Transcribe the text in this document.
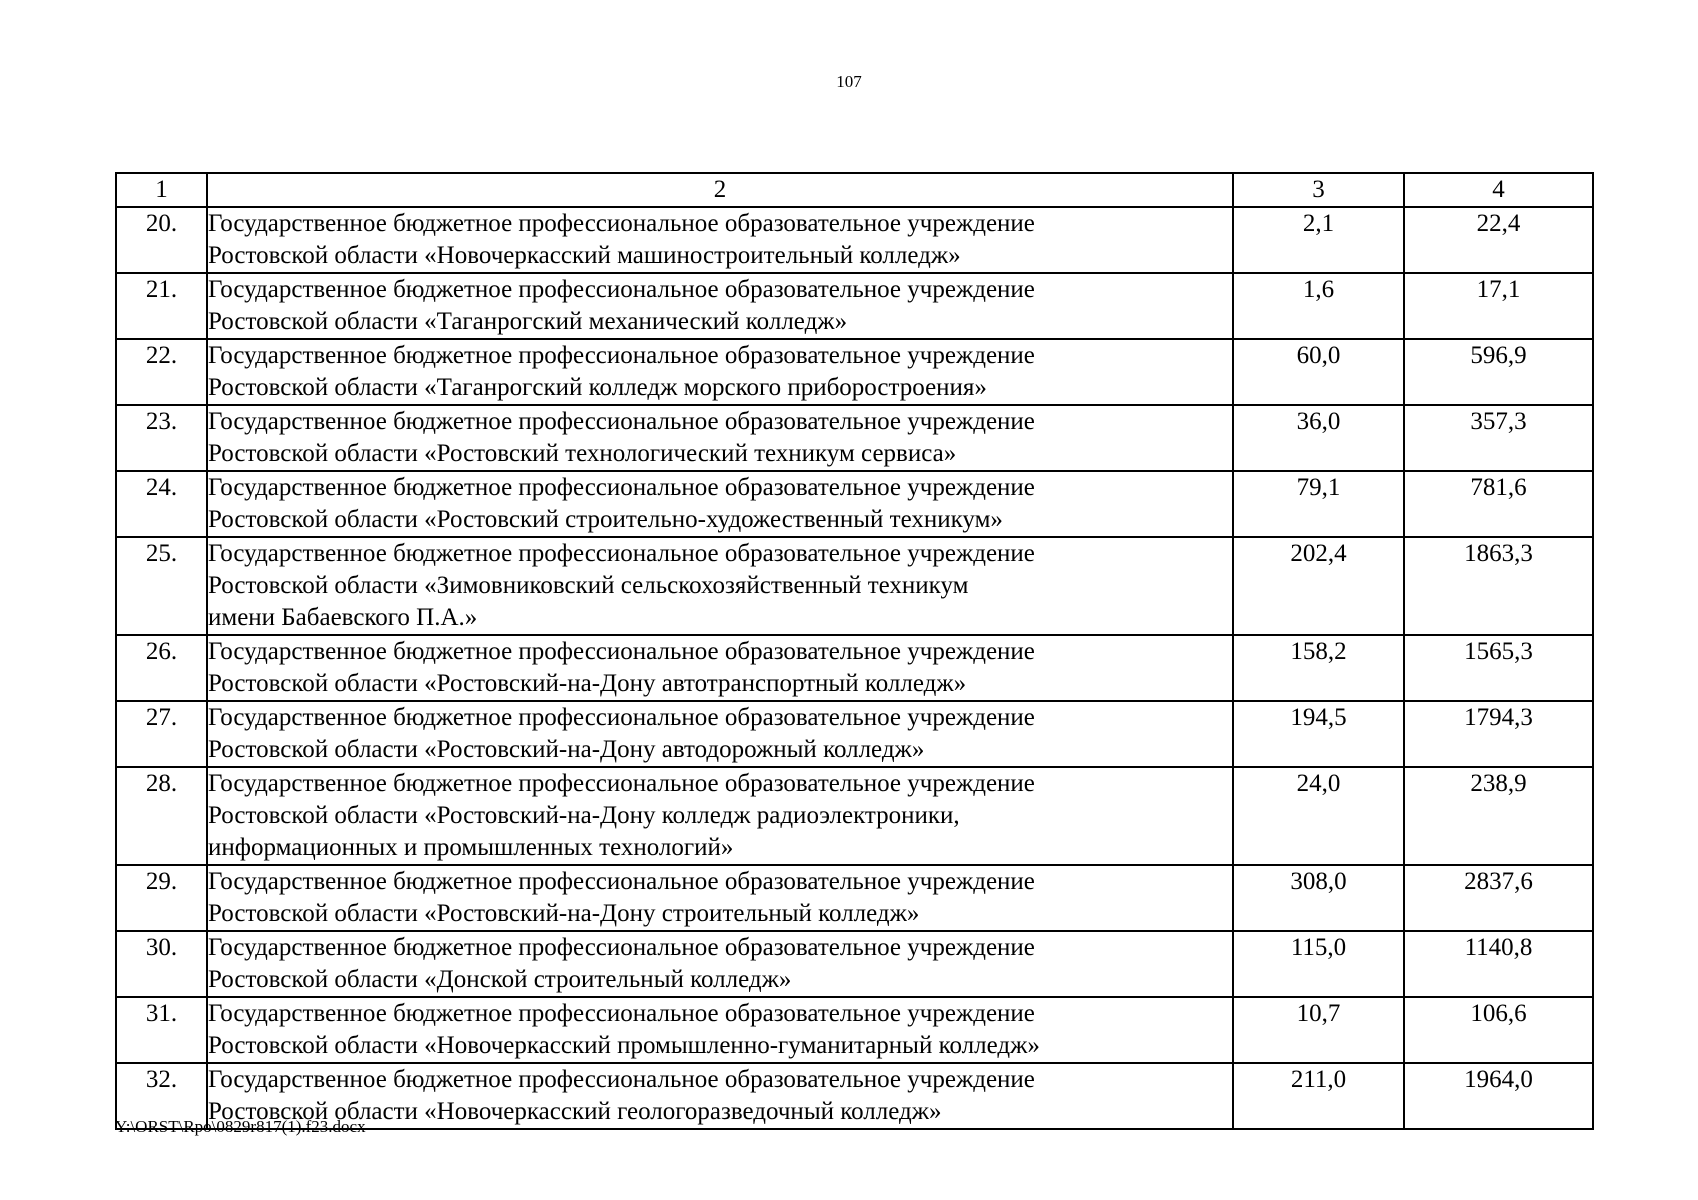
107
1	2	3	4
20.	Государственное бюджетное профессиональное образовательное учреждение
Ростовской области «Новочеркасский машиностроительный колледж»	2,1	22,4
21.	Государственное бюджетное профессиональное образовательное учреждение
Ростовской области «Таганрогский механический колледж»	1,6	17,1
22.	Государственное бюджетное профессиональное образовательное учреждение
Ростовской области «Таганрогский колледж морского приборостроения»	60,0	596,9
23.	Государственное бюджетное профессиональное образовательное учреждение
Ростовской области «Ростовский технологический техникум сервиса»	36,0	357,3
24.	Государственное бюджетное профессиональное образовательное учреждение
Ростовской области «Ростовский строительно-художественный техникум»	79,1	781,6
25.	Государственное бюджетное профессиональное образовательное учреждение
Ростовской области «Зимовниковский сельскохозяйственный техникум
имени Бабаевского П.А.»	202,4	1863,3
26.	Государственное бюджетное профессиональное образовательное учреждение
Ростовской области «Ростовский-на-Дону автотранспортный колледж»	158,2	1565,3
27.	Государственное бюджетное профессиональное образовательное учреждение
Ростовской области «Ростовский-на-Дону автодорожный колледж»	194,5	1794,3
28.	Государственное бюджетное профессиональное образовательное учреждение
Ростовской области «Ростовский-на-Дону колледж радиоэлектроники,
информационных и промышленных технологий»	24,0	238,9
29.	Государственное бюджетное профессиональное образовательное учреждение
Ростовской области «Ростовский-на-Дону строительный колледж»	308,0	2837,6
30.	Государственное бюджетное профессиональное образовательное учреждение
Ростовской области «Донской строительный колледж»	115,0	1140,8
31.	Государственное бюджетное профессиональное образовательное учреждение
Ростовской области «Новочеркасский промышленно-гуманитарный колледж»	10,7	106,6
32.	Государственное бюджетное профессиональное образовательное учреждение
Ростовской области «Новочеркасский геологоразведочный колледж»	211,0	1964,0
Y:\ORST\Rpo\0829r817(1).f23.docx
